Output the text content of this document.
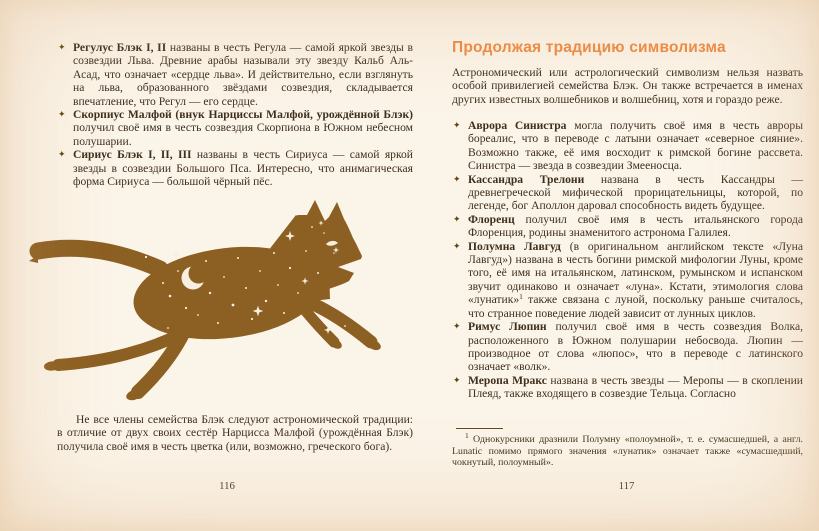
✦ Регулус Блэк I, II названы в честь Регула — самой яркой звезды в созвездии Льва. Древние арабы называли эту звезду Кальб Аль-Асад, что означает «сердце льва». И действительно, если взглянуть на льва, образованного звёздами созвездия, складывается впечатление, что Регул — его сердце.
✦ Скорпиус Малфой (внук Нарциссы Малфой, урождённой Блэк) получил своё имя в честь созвездия Скорпиона в Южном небесном полушарии.
✦ Сириус Блэк I, II, III названы в честь Сириуса — самой яркой звезды в созвездии Большого Пса. Интересно, что анимагическая форма Сириуса — большой чёрный пёс.

Не все члены семейства Блэк следуют астрономической традиции: в отличие от двух своих сестёр Нарцисса Малфой (урождённая Блэк) получила своё имя в честь цветка (или, возможно, греческого бога).

116
Продолжая традицию символизма

Астрономический или астрологический символизм нельзя назвать особой привилегией семейства Блэк. Он также встречается в именах других известных волшебников и волшебниц, хотя и гораздо реже.

✦ Аврора Синистра могла получить своё имя в честь авроры бореалис, что в переводе с латыни означает «северное сияние». Возможно также, её имя восходит к римской богине рассвета. Синистра — звезда в созвездии Змееносца.
✦ Кассандра Трелони названа в честь Кассандры — древнегреческой мифической прорицательницы, которой, по легенде, бог Аполлон даровал способность видеть будущее.
✦ Флоренц получил своё имя в честь итальянского города Флоренция, родины знаменитого астронома Галилея.
✦ Полумна Лавгуд (в оригинальном английском тексте «Луна Лавгуд») названа в честь богини римской мифологии Луны, кроме того, её имя на итальянском, латинском, румынском и испанском звучит одинаково и означает «луна». Кстати, этимология слова «лунатик»$^1$ также связана с луной, поскольку раньше считалось, что странное поведение людей зависит от лунных циклов.
✦ Римус Люпин получил своё имя в честь созвездия Волка, расположенного в Южном полушарии небосвода. Люпин — производное от слова «люпос», что в переводе с латинского означает «волк».
✦ Меропа Мракс названа в честь звезды — Меропы — в скоплении Плеяд, также входящего в созвездие Тельца. Согласно

$^1$ Однокурсники дразнили Полумну «полоумной», т. е. сумасшедшей, а англ. Lunatic помимо прямого значения «лунатик» означает также «сумасшедший, чокнутый, полоумный».

117
